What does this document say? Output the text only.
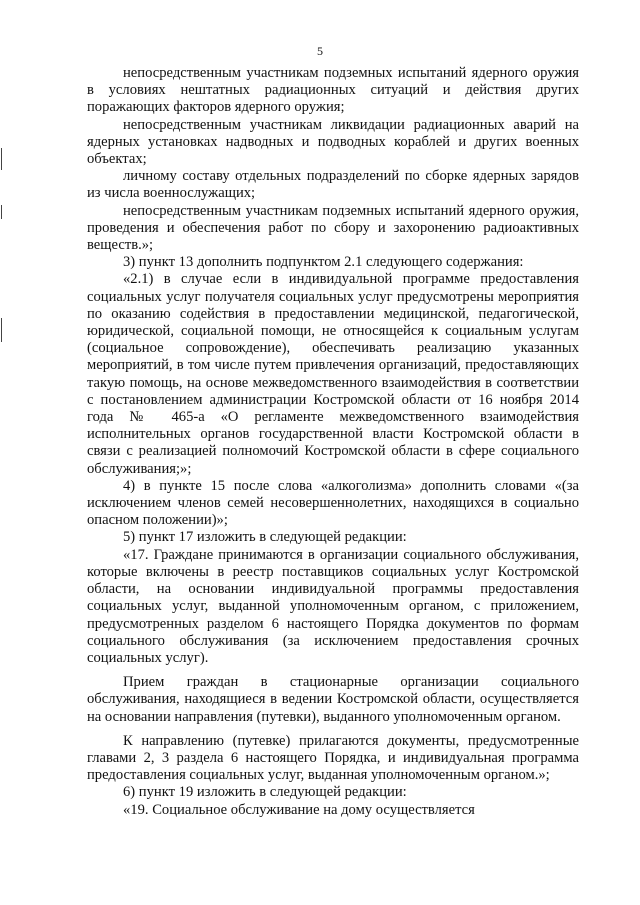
5

непосредственным участникам подземных испытаний ядерного оружия в условиях нештатных радиационных ситуаций и действия других поражающих факторов ядерного оружия;

непосредственным участникам ликвидации радиационных аварий на ядерных установках надводных и подводных кораблей и других военных объектах;

личному составу отдельных подразделений по сборке ядерных зарядов из числа военнослужащих;

непосредственным участникам подземных испытаний ядерного оружия, проведения и обеспечения работ по сбору и захоронению радиоактивных веществ.»;

3) пункт 13 дополнить подпунктом 2.1 следующего содержания:

«2.1) в случае если в индивидуальной программе предоставления социальных услуг получателя социальных услуг предусмотрены мероприятия по оказанию содействия в предоставлении медицинской, педагогической, юридической, социальной помощи, не относящейся к социальным услугам (социальное сопровождение), обеспечивать реализацию указанных мероприятий, в том числе путем привлечения организаций, предоставляющих такую помощь, на основе межведомственного взаимодействия в соответствии с постановлением администрации Костромской области от 16 ноября 2014 года № 465-а «О регламенте межведомственного взаимодействия исполнительных органов государственной власти Костромской области в связи с реализацией полномочий Костромской области в сфере социального обслуживания;»;

4) в пункте 15 после слова «алкоголизма» дополнить словами «(за исключением членов семей несовершеннолетних, находящихся в социально опасном положении)»;

5) пункт 17 изложить в следующей редакции:

«17. Граждане принимаются в организации социального обслуживания, которые включены в реестр поставщиков социальных услуг Костромской области, на основании индивидуальной программы предоставления социальных услуг, выданной уполномоченным органом, с приложением, предусмотренных разделом 6 настоящего Порядка документов по формам социального обслуживания (за исключением предоставления срочных социальных услуг).

Прием граждан в стационарные организации социального обслуживания, находящиеся в ведении Костромской области, осуществляется на основании направления (путевки), выданного уполномоченным органом.

К направлению (путевке) прилагаются документы, предусмотренные главами 2, 3 раздела 6 настоящего Порядка, и индивидуальная программа предоставления социальных услуг, выданная уполномоченным органом.»;

6) пункт 19 изложить в следующей редакции:

«19. Социальное обслуживание на дому осуществляется
